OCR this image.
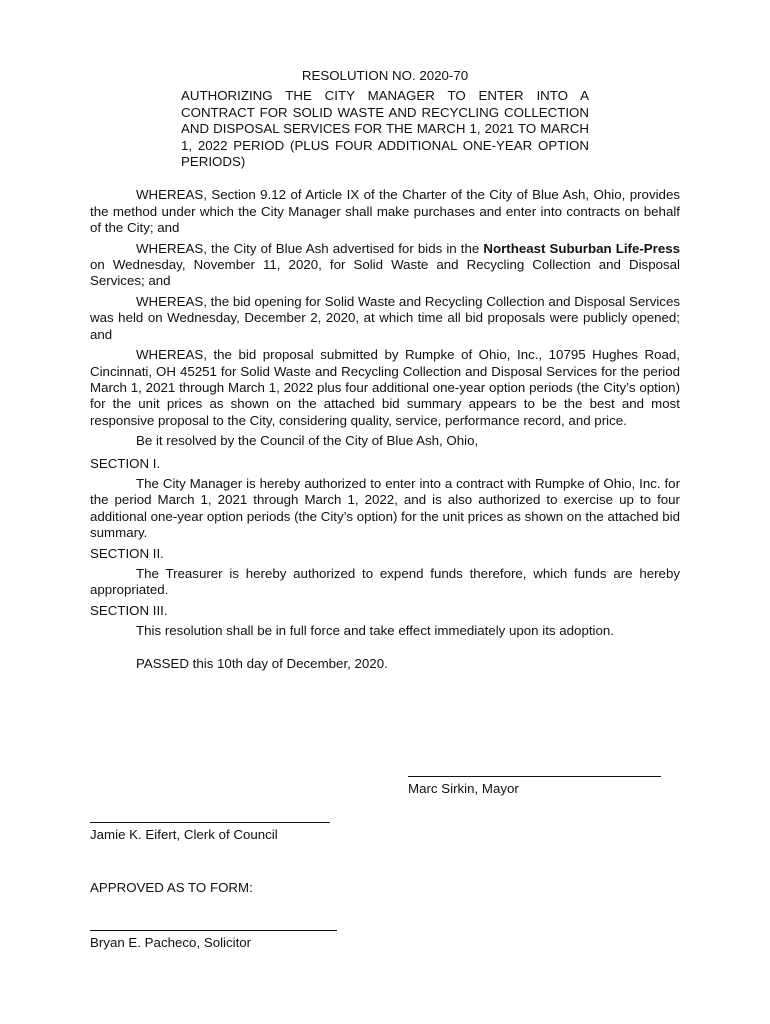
RESOLUTION NO. 2020-70
AUTHORIZING THE CITY MANAGER TO ENTER INTO A CONTRACT FOR SOLID WASTE AND RECYCLING COLLECTION AND DISPOSAL SERVICES FOR THE MARCH 1, 2021 TO MARCH 1, 2022 PERIOD (PLUS FOUR ADDITIONAL ONE-YEAR OPTION PERIODS)

WHEREAS, Section 9.12 of Article IX of the Charter of the City of Blue Ash, Ohio, provides the method under which the City Manager shall make purchases and enter into contracts on behalf of the City; and

WHEREAS, the City of Blue Ash advertised for bids in the Northeast Suburban Life-Press on Wednesday, November 11, 2020, for Solid Waste and Recycling Collection and Disposal Services; and

WHEREAS, the bid opening for Solid Waste and Recycling Collection and Disposal Services was held on Wednesday, December 2, 2020, at which time all bid proposals were publicly opened; and

WHEREAS, the bid proposal submitted by Rumpke of Ohio, Inc., 10795 Hughes Road, Cincinnati, OH 45251 for Solid Waste and Recycling Collection and Disposal Services for the period March 1, 2021 through March 1, 2022 plus four additional one-year option periods (the City’s option) for the unit prices as shown on the attached bid summary appears to be the best and most responsive proposal to the City, considering quality, service, performance record, and price.

Be it resolved by the Council of the City of Blue Ash, Ohio,
SECTION I.

The City Manager is hereby authorized to enter into a contract with Rumpke of Ohio, Inc. for the period March 1, 2021 through March 1, 2022, and is also authorized to exercise up to four additional one-year option periods (the City’s option) for the unit prices as shown on the attached bid summary.

SECTION II.

The Treasurer is hereby authorized to expend funds therefore, which funds are hereby appropriated.

SECTION III.
This resolution shall be in full force and take effect immediately upon its adoption.
PASSED this 10th day of December, 2020.
Marc Sirkin, Mayor
Jamie K. Eifert, Clerk of Council
APPROVED AS TO FORM:
Bryan E. Pacheco, Solicitor
